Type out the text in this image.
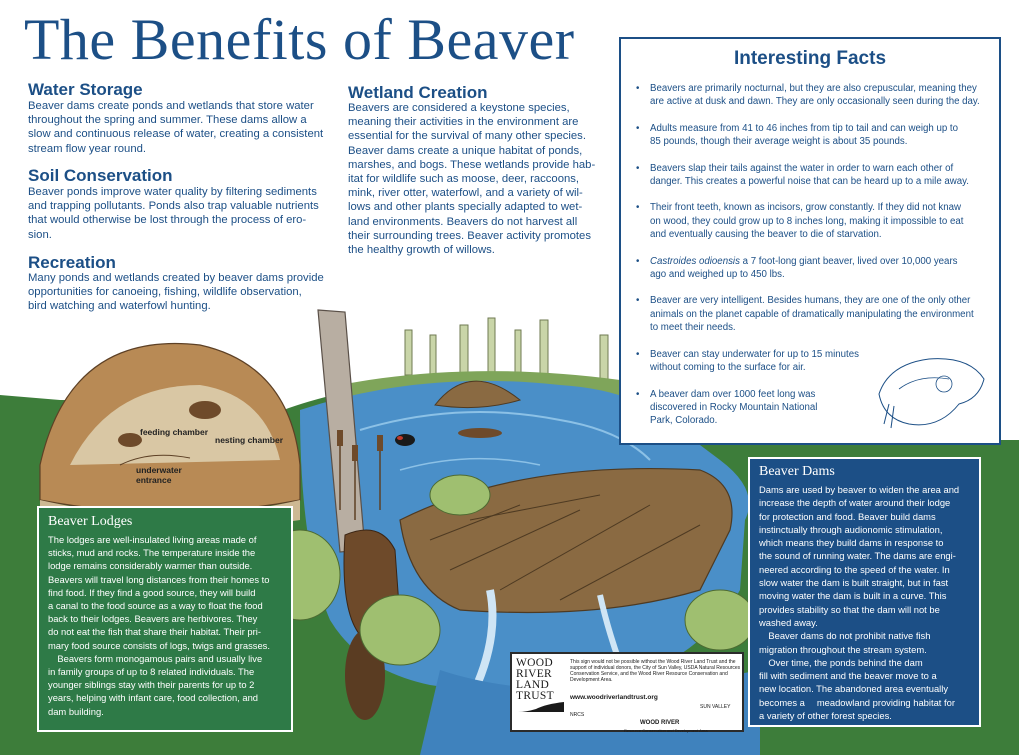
The Benefits of Beaver
Water Storage
Beaver dams create ponds and wetlands that store water
throughout the spring and summer. These dams allow a
slow and continuous release of water, creating a consistent
stream flow year round.
Soil Conservation
Beaver ponds improve water quality by filtering sediments
and trapping pollutants. Ponds also trap valuable nutrients
that would otherwise be lost through the process of ero-
sion.
Recreation
Many ponds and wetlands created by beaver dams provide
opportunities for canoeing, fishing, wildlife observation,
bird watching and waterfowl hunting.
Wetland Creation
Beavers are considered a keystone species,
meaning their activities in the environment are
essential for the survival of many other species.
Beaver dams create a unique habitat of ponds,
marshes, and bogs. These wetlands provide hab-
itat for wildlife such as moose, deer, raccoons,
mink, river otter, waterfowl, and a variety of wil-
lows and other plants specially adapted to wet-
land environments. Beavers do not harvest all
their surrounding trees. Beaver activity promotes
the healthy growth of willows.
feeding chamber
nesting chamber
underwater
entrance
Interesting Facts
• Beavers are primarily nocturnal, but they are also crepuscular, meaning they
are active at dusk and dawn. They are only occasionally seen during the day.
• Adults measure from 41 to 46 inches from tip to tail and can weigh up to
85 pounds, though their average weight is about 35 pounds.
• Beavers slap their tails against the water in order to warn each other of
danger. This creates a powerful noise that can be heard up to a mile away.
• Their front teeth, known as incisors, grow constantly. If they did not knaw
on wood, they could grow up to 8 inches long, making it impossible to eat
and eventually causing the beaver to die of starvation.
• Castroides odioensis a 7 foot-long giant beaver, lived over 10,000 years
ago and weighed up to 450 lbs.
• Beaver are very intelligent. Besides humans, they are one of the only other
animals on the planet capable of dramatically manipulating the environment
to meet their needs.
• Beaver can stay underwater for up to 15 minutes
without coming to the surface for air.
• A beaver dam over 1000 feet long was
discovered in Rocky Mountain National
Park, Colorado.
Beaver Lodges
The lodges are well-insulated living areas made of
sticks, mud and rocks. The temperature inside the
lodge remains considerably warmer than outside.
Beavers will travel long distances from their homes to
find food. If they find a good source, they will build
a canal to the food source as a way to float the food
back to their lodges. Beavers are herbivores. They
do not eat the fish that share their habitat. Their pri-
mary food source consists of logs, twigs and grasses.
 Beavers form monogamous pairs and usually live
in family groups of up to 8 related individuals. The
younger siblings stay with their parents for up to 2
years, helping with infant care, food collection, and
dam building.
Beaver Dams
Dams are used by beaver to widen the area and
increase the depth of water around their lodge
for protection and food. Beaver build dams
instinctually through audionomic stimulation,
which means they build dams in response to
the sound of running water. The dams are engi-
neered according to the speed of the water. In
slow water the dam is built straight, but in fast
moving water the dam is built in a curve. This
provides stability so that the dam will not be
washed away.
 Beaver dams do not prohibit native fish
migration throughout the stream system.
 Over time, the ponds behind the dam
fill with sediment and the beaver move to a
new location. The abandoned area eventually
becomes a  meadowland providing habitat for
a variety of other forest species.
WOOD
RIVER
LAND
TRUST
This sign would not be possible without the Wood River Land Trust and the support of individual donors, the City of Sun Valley, USDA Natural Resources Conservation Service, and the Wood River Resource Conservation and Development Area.
www.woodriverlandtrust.org
NRCS
SUN VALLEY
WOOD RIVER
Resource Conservation and Development Area
